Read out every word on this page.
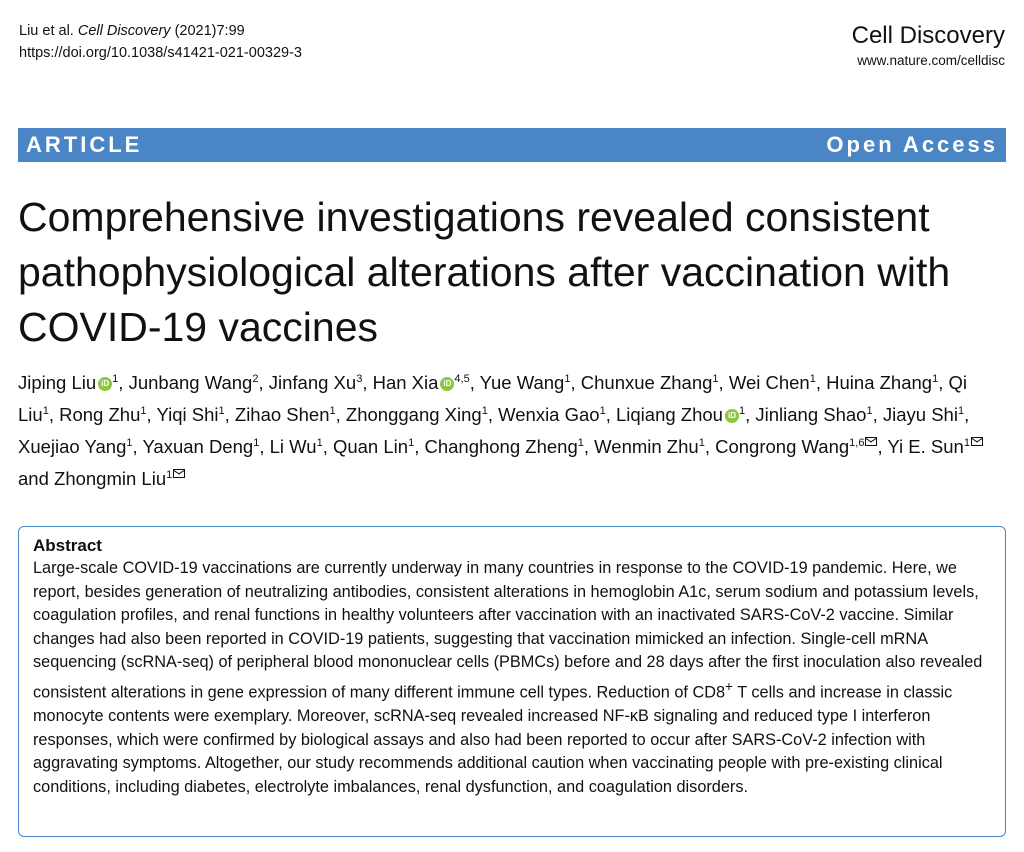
Liu et al. Cell Discovery (2021)7:99
https://doi.org/10.1038/s41421-021-00329-3
Cell Discovery
www.nature.com/celldisc
ARTICLE	Open Access
Comprehensive investigations revealed consistent pathophysiological alterations after vaccination with COVID-19 vaccines
Jiping Liu iD $^1$, Junbang Wang$^2$, Jinfang Xu$^3$, Han Xia iD $^{4,5}$, Yue Wang$^1$, Chunxue Zhang$^1$, Wei Chen$^1$, Huina Zhang$^1$, Qi Liu$^1$, Rong Zhu$^1$, Yiqi Shi$^1$, Zihao Shen$^1$, Zhonggang Xing$^1$, Wenxia Gao$^1$, Liqiang Zhou iD $^1$, Jinliang Shao$^1$, Jiayu Shi$^1$, Xuejiao Yang$^1$, Yaxuan Deng$^1$, Li Wu$^1$, Quan Lin$^1$, Changhong Zheng$^1$, Wenmin Zhu$^1$, Congrong Wang$^{1,6}$ , Yi E. Sun$^1$ and Zhongmin Liu$^1$
Abstract
Large-scale COVID-19 vaccinations are currently underway in many countries in response to the COVID-19 pandemic. Here, we report, besides generation of neutralizing antibodies, consistent alterations in hemoglobin A1c, serum sodium and potassium levels, coagulation profiles, and renal functions in healthy volunteers after vaccination with an inactivated SARS-CoV-2 vaccine. Similar changes had also been reported in COVID-19 patients, suggesting that vaccination mimicked an infection. Single-cell mRNA sequencing (scRNA-seq) of peripheral blood mononuclear cells (PBMCs) before and 28 days after the first inoculation also revealed consistent alterations in gene expression of many different immune cell types. Reduction of CD8+ T cells and increase in classic monocyte contents were exemplary. Moreover, scRNA-seq revealed increased NF-κB signaling and reduced type I interferon responses, which were confirmed by biological assays and also had been reported to occur after SARS-CoV-2 infection with aggravating symptoms. Altogether, our study recommends additional caution when vaccinating people with pre-existing clinical conditions, including diabetes, electrolyte imbalances, renal dysfunction, and coagulation disorders.
